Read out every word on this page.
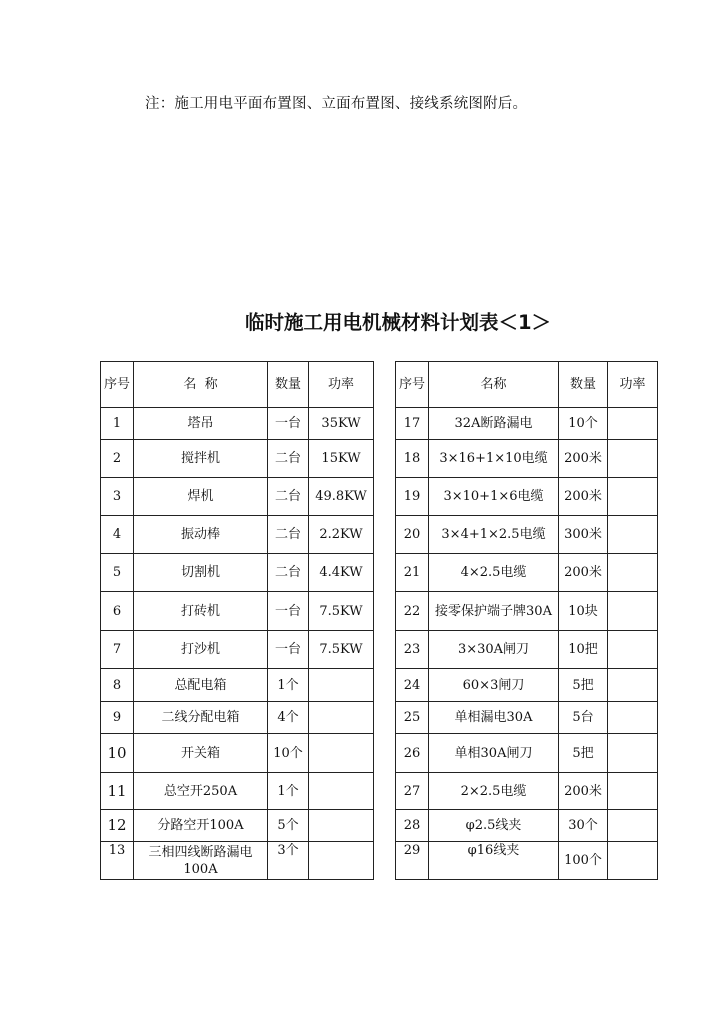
注：施工用电平面布置图、立面布置图、接线系统图附后。
临时施工用电机械材料计划表＜1＞
序号	名  称	数量	功率
1	塔吊	一台	35KW
2	搅拌机	二台	15KW
3	焊机	二台	49.8KW
4	振动棒	二台	2.2KW
5	切割机	二台	4.4KW
6	打砖机	一台	7.5KW
7	打沙机	一台	7.5KW
8	总配电箱	1个	
9	二线分配电箱	4个	
10	开关箱	10个	
11	总空开250A	1个	
12	分路空开100A	5个	
13	三相四线断路漏电100A	3个	
序号	名称	数量	功率
17	32A断路漏电	10个	
18	3×16+1×10电缆	200米	
19	3×10+1×6电缆	200米	
20	3×4+1×2.5电缆	300米	
21	4×2.5电缆	200米	
22	接零保护端子牌30A	10块	
23	3×30A闸刀	10把	
24	60×3闸刀	5把	
25	单相漏电30A	5台	
26	单相30A闸刀	5把	
27	2×2.5电缆	200米	
28	φ2.5线夹	30个	
29	φ16线夹	100个	
